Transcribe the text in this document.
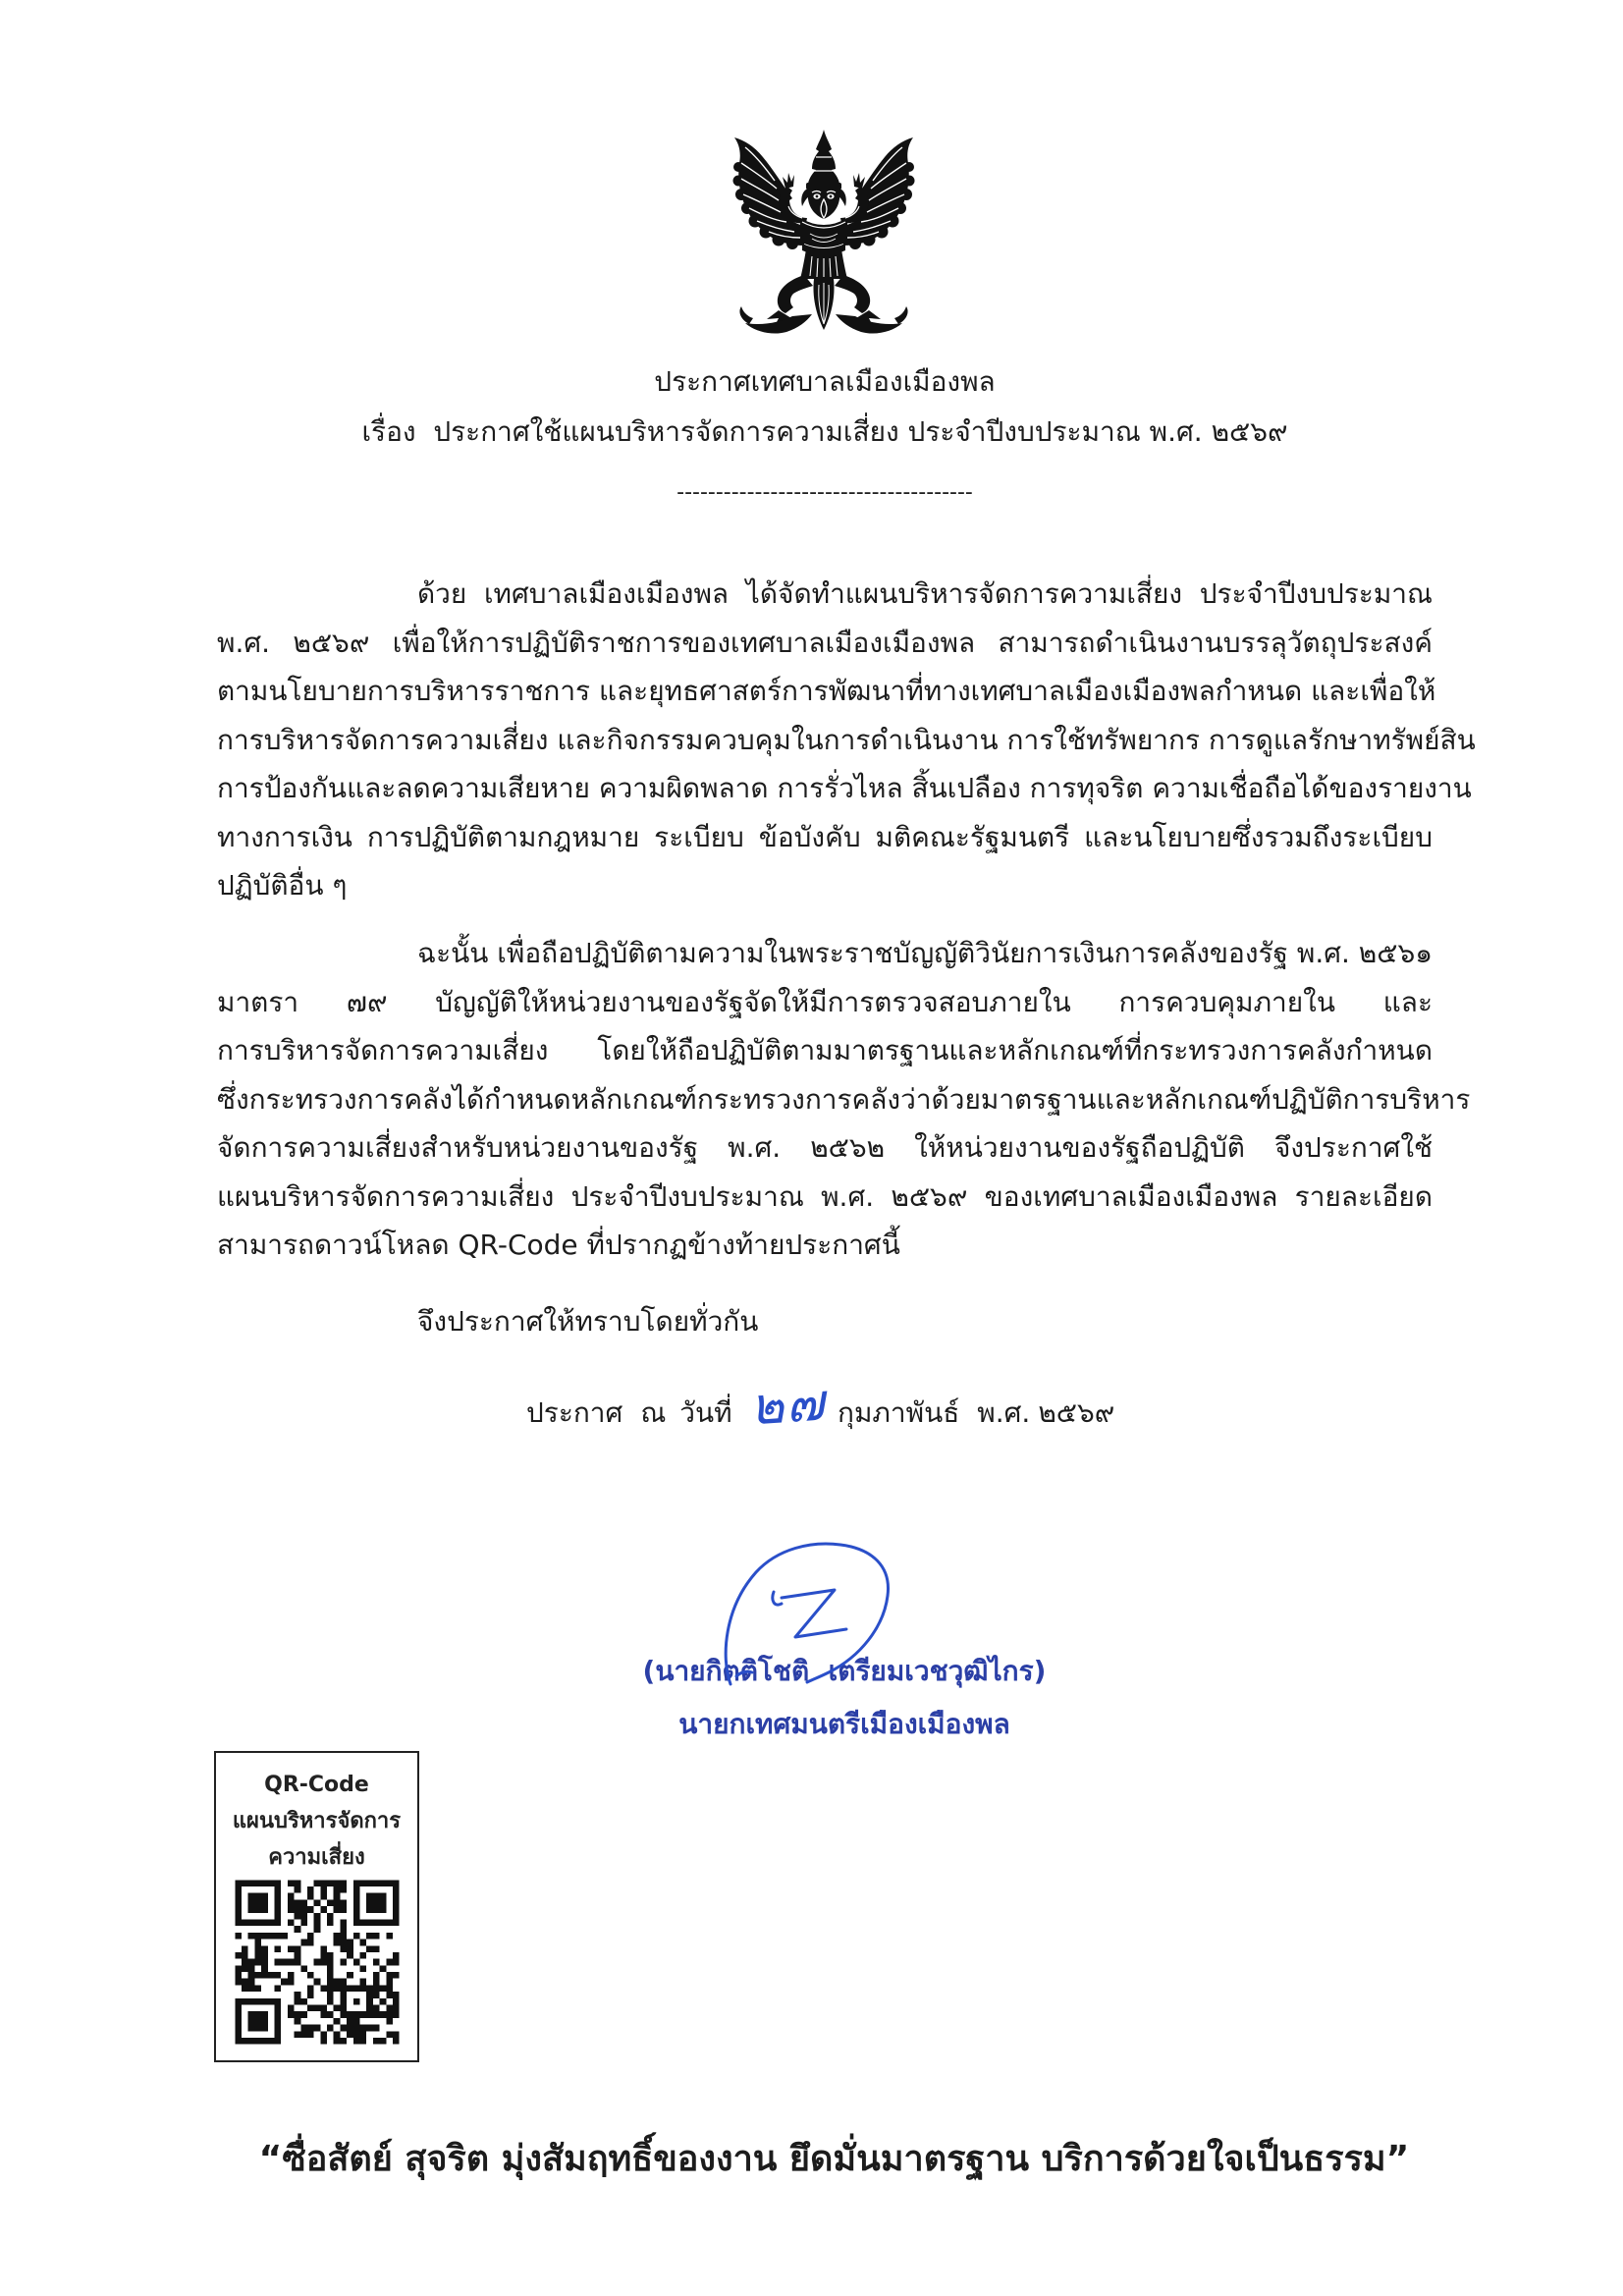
ประกาศเทศบาลเมืองเมืองพล
เรื่อง  ประกาศใช้แผนบริหารจัดการความเสี่ยง ประจำปีงบประมาณ พ.ศ. ๒๕๖๙
--------------------------------------
ด้วย เทศบาลเมืองเมืองพล ได้จัดทำแผนบริหารจัดการความเสี่ยง ประจำปีงบประมาณ
พ.ศ. ๒๕๖๙ เพื่อให้การปฏิบัติราชการของเทศบาลเมืองเมืองพล สามารถดำเนินงานบรรลุวัตถุประสงค์
ตามนโยบายการบริหารราชการ และยุทธศาสตร์การพัฒนาที่ทางเทศบาลเมืองเมืองพลกำหนด และเพื่อให้
การบริหารจัดการความเสี่ยง และกิจกรรมควบคุมในการดำเนินงาน การใช้ทรัพยากร การดูแลรักษาทรัพย์สิน
การป้องกันและลดความเสียหาย ความผิดพลาด การรั่วไหล สิ้นเปลือง การทุจริต ความเชื่อถือได้ของรายงาน
ทางการเงิน การปฏิบัติตามกฎหมาย ระเบียบ ข้อบังคับ มติคณะรัฐมนตรี และนโยบายซึ่งรวมถึงระเบียบ
ปฏิบัติอื่น ๆ
ฉะนั้น เพื่อถือปฏิบัติตามความในพระราชบัญญัติวินัยการเงินการคลังของรัฐ พ.ศ. ๒๕๖๑
มาตรา ๗๙ บัญญัติให้หน่วยงานของรัฐจัดให้มีการตรวจสอบภายใน การควบคุมภายใน และ
การบริหารจัดการความเสี่ยง โดยให้ถือปฏิบัติตามมาตรฐานและหลักเกณฑ์ที่กระทรวงการคลังกำหนด
ซึ่งกระทรวงการคลังได้กำหนดหลักเกณฑ์กระทรวงการคลังว่าด้วยมาตรฐานและหลักเกณฑ์ปฏิบัติการบริหาร
จัดการความเสี่ยงสำหรับหน่วยงานของรัฐ พ.ศ. ๒๕๖๒ ให้หน่วยงานของรัฐถือปฏิบัติ จึงประกาศใช้
แผนบริหารจัดการความเสี่ยง ประจำปีงบประมาณ พ.ศ. ๒๕๖๙ ของเทศบาลเมืองเมืองพล รายละเอียด
สามารถดาวน์โหลด QR-Code ที่ปรากฏข้างท้ายประกาศนี้
จึงประกาศให้ทราบโดยทั่วกัน
ประกาศ ณ วันที่ ๒๗ กุมภาพันธ์ พ.ศ. ๒๕๖๙
(นายกิตติโชติ  เตรียมเวชวุฒิไกร)
นายกเทศมนตรีเมืองเมืองพล
QR-Code
แผนบริหารจัดการ
ความเสี่ยง
“ซื่อสัตย์ สุจริต มุ่งสัมฤทธิ์ของงาน ยึดมั่นมาตรฐาน บริการด้วยใจเป็นธรรม”
